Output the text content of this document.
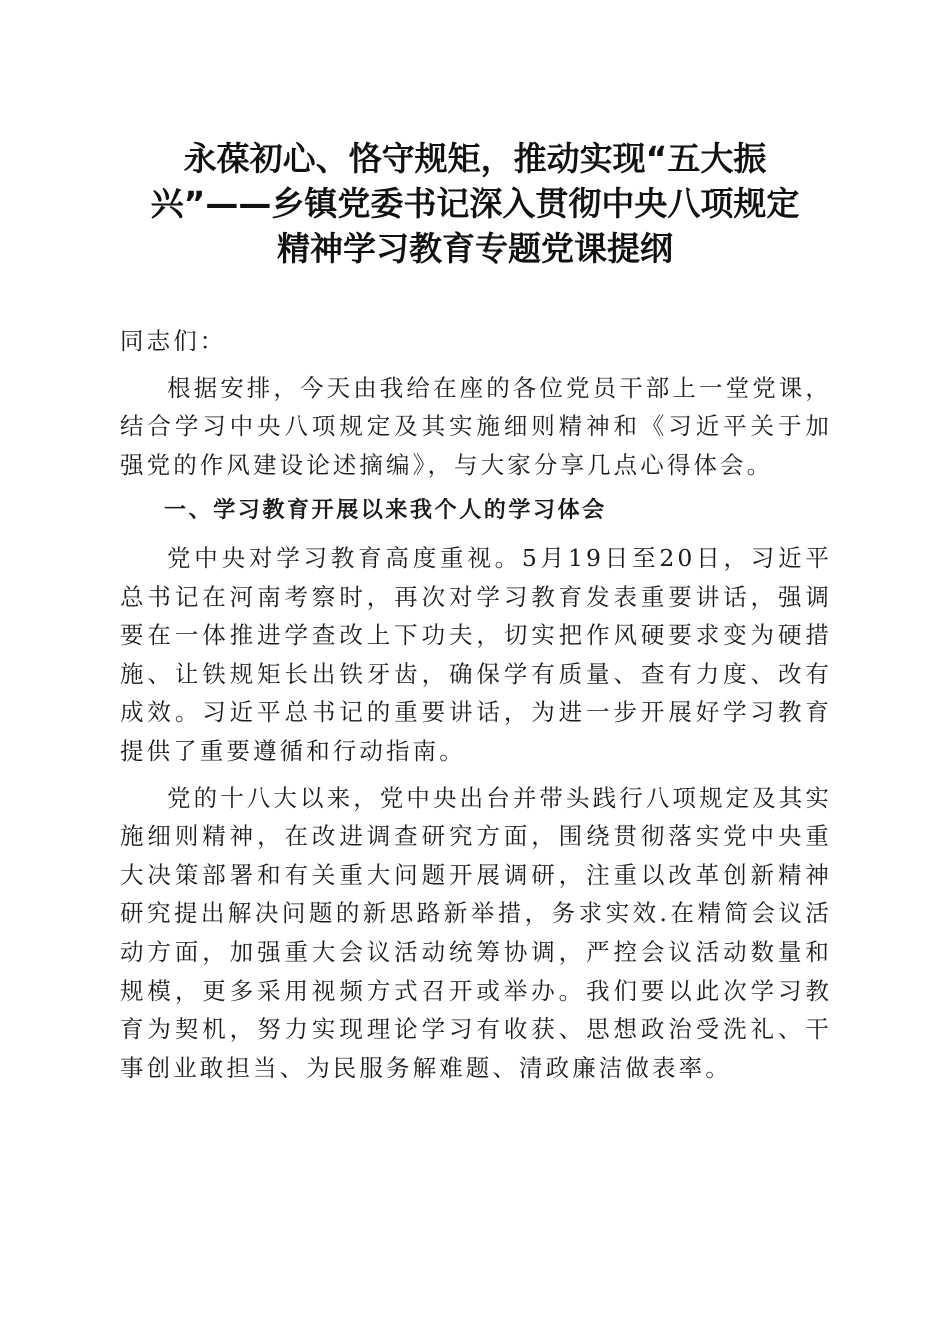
永葆初心、恪守规矩，推动实现“五大振
兴”——乡镇党委书记深入贯彻中央八项规定
精神学习教育专题党课提纲

同志们：

根据安排，今天由我给在座的各位党员干部上一堂党课，结合学习中央八项规定及其实施细则精神和《习近平关于加强党的作风建设论述摘编》，与大家分享几点心得体会。

一、学习教育开展以来我个人的学习体会

党中央对学习教育高度重视。5月19日至20日，习近平总书记在河南考察时，再次对学习教育发表重要讲话，强调要在一体推进学查改上下功夫，切实把作风硬要求变为硬措施、让铁规矩长出铁牙齿，确保学有质量、查有力度、改有成效。习近平总书记的重要讲话，为进一步开展好学习教育提供了重要遵循和行动指南。

党的十八大以来，党中央出台并带头践行八项规定及其实施细则精神，在改进调查研究方面，围绕贯彻落实党中央重大决策部署和有关重大问题开展调研，注重以改革创新精神研究提出解决问题的新思路新举措，务求实效.在精简会议活动方面，加强重大会议活动统筹协调，严控会议活动数量和规模，更多采用视频方式召开或举办。我们要以此次学习教育为契机，努力实现理论学习有收获、思想政治受洗礼、干事创业敢担当、为民服务解难题、清政廉洁做表率。
